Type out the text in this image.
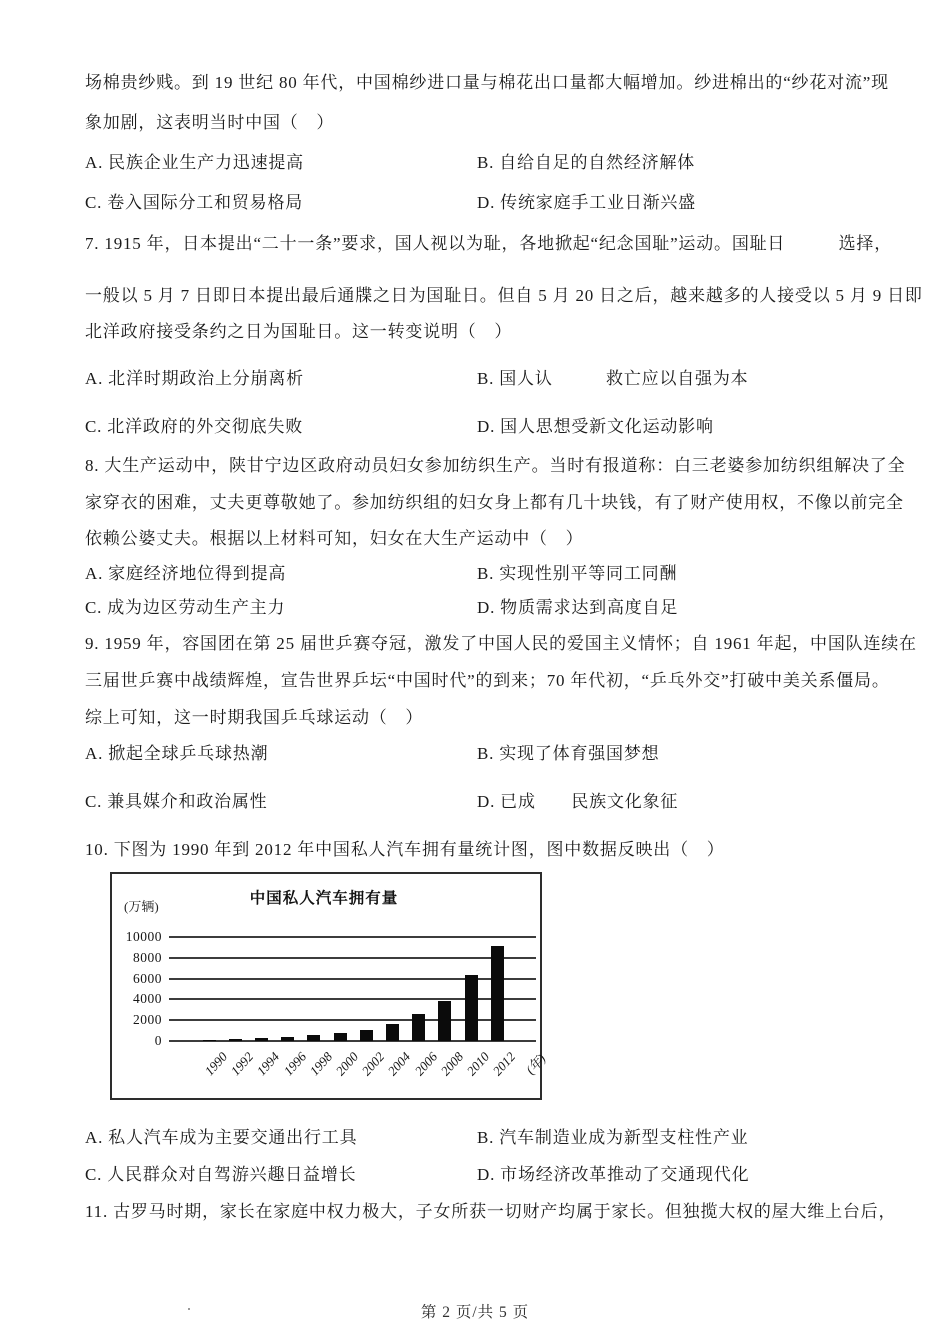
场棉贵纱贱。到 19 世纪 80 年代，中国棉纱进口量与棉花出口量都大幅增加。纱进棉出的“纱花对流”现
象加剧，这表明当时中国（　）
A. 民族企业生产力迅速提高	B. 自给自足的自然经济解体
C. 卷入国际分工和贸易格局	D. 传统家庭手工业日渐兴盛
7. 1915 年，日本提出“二十一条”要求，国人视以为耻，各地掀起“纪念国耻”运动。国耻日　　　选择，
一般以 5 月 7 日即日本提出最后通牒之日为国耻日。但自 5 月 20 日之后，越来越多的人接受以 5 月 9 日即
北洋政府接受条约之日为国耻日。这一转变说明（　）
A. 北洋时期政治上分崩离析	B. 国人认　　　救亡应以自强为本
C. 北洋政府的外交彻底失败	D. 国人思想受新文化运动影响
8. 大生产运动中，陕甘宁边区政府动员妇女参加纺织生产。当时有报道称：白三老婆参加纺织组解决了全
家穿衣的困难，丈夫更尊敬她了。参加纺织组的妇女身上都有几十块钱，有了财产使用权，不像以前完全
依赖公婆丈夫。根据以上材料可知，妇女在大生产运动中（　）
A. 家庭经济地位得到提高	B. 实现性别平等同工同酬
C. 成为边区劳动生产主力	D. 物质需求达到高度自足
9. 1959 年，容国团在第 25 届世乒赛夺冠，激发了中国人民的爱国主义情怀；自 1961 年起，中国队连续在
三届世乒赛中战绩辉煌，宣告世界乒坛“中国时代”的到来；70 年代初，“乒乓外交”打破中美关系僵局。
综上可知，这一时期我国乒乓球运动（　）
A. 掀起全球乒乓球热潮	B. 实现了体育强国梦想
C. 兼具媒介和政治属性	D. 已成　　民族文化象征
10. 下图为 1990 年到 2012 年中国私人汽车拥有量统计图，图中数据反映出（　）
中国私人汽车拥有量
(万辆)
0
2000
4000
6000
8000
10000
1990
1992
1994
1996
1998
2000
2002
2004
2006
2008
2010
2012 (年)
A. 私人汽车成为主要交通出行工具	B. 汽车制造业成为新型支柱性产业
C. 人民群众对自驾游兴趣日益增长	D. 市场经济改革推动了交通现代化
11. 古罗马时期，家长在家庭中权力极大，子女所获一切财产均属于家长。但独揽大权的屋大维上台后，
第 2 页/共 5 页
